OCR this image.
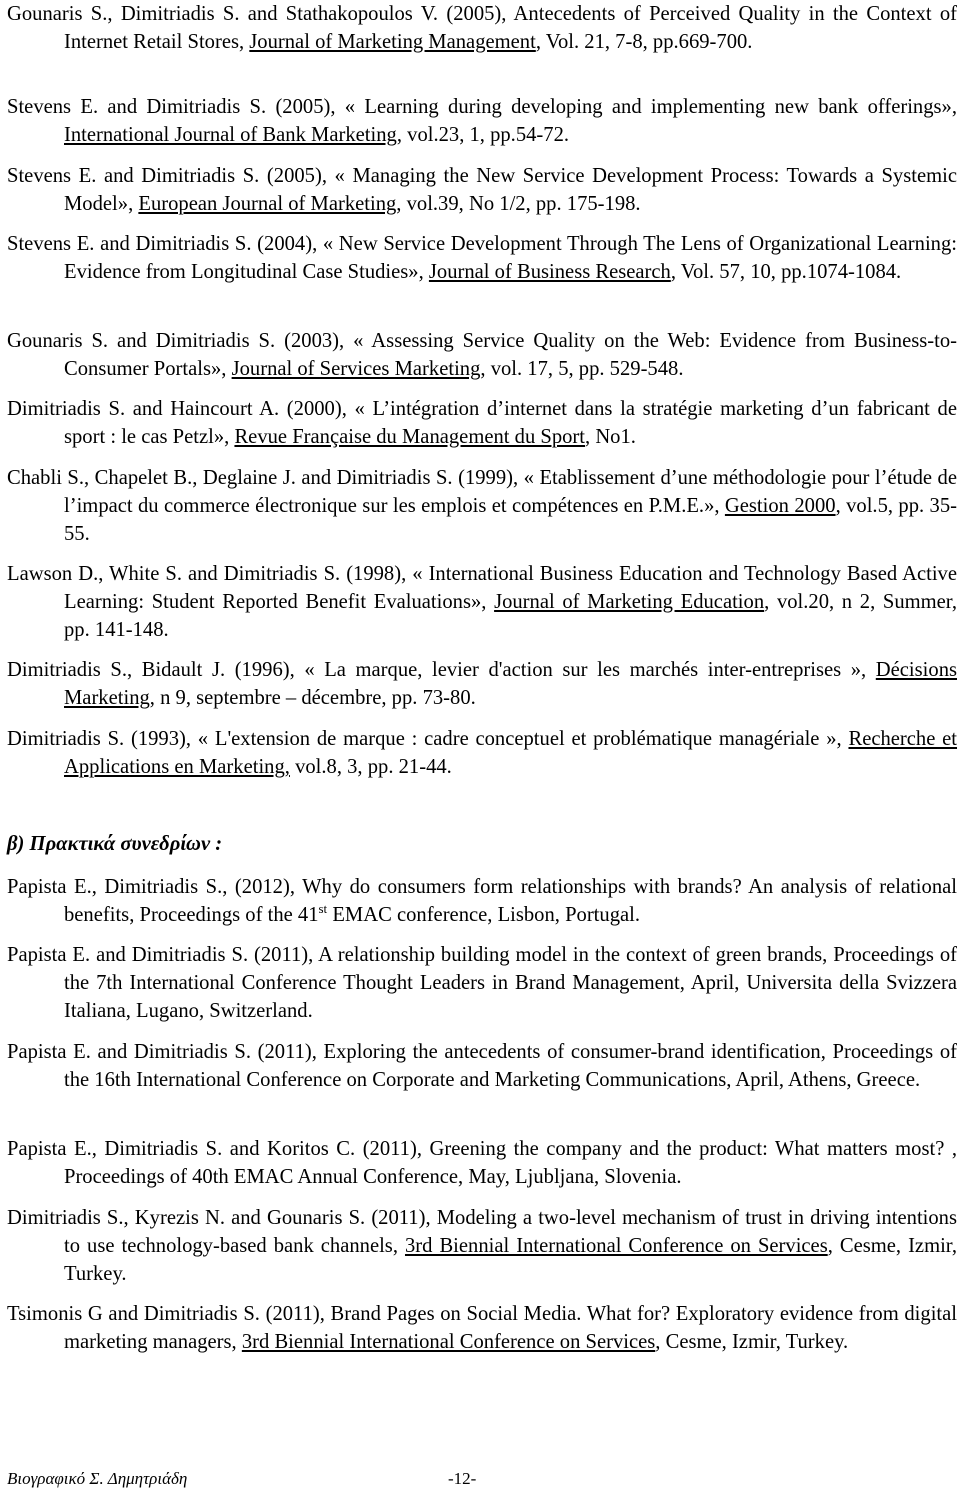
Gounaris S., Dimitriadis S. and Stathakopoulos V. (2005), Antecedents of Perceived Quality in the Context of Internet Retail Stores, Journal of Marketing Management, Vol. 21, 7-8, pp.669-700.
Stevens E. and Dimitriadis S. (2005), « Learning during developing and implementing new bank offerings», International Journal of Bank Marketing, vol.23, 1, pp.54-72.
Stevens E. and Dimitriadis S. (2005), « Managing the New Service Development Process: Towards a Systemic Model», European Journal of Marketing, vol.39, No 1/2, pp. 175-198.
Stevens E. and Dimitriadis S. (2004), « New Service Development Through The Lens of Organizational Learning: Evidence from Longitudinal Case Studies», Journal of Business Research, Vol. 57, 10, pp.1074-1084.
Gounaris S. and Dimitriadis S. (2003), « Assessing Service Quality on the Web: Evidence from Business-to-Consumer Portals», Journal of Services Marketing, vol. 17, 5, pp. 529-548.
Dimitriadis S. and Haincourt A. (2000), « L’intégration d’internet dans la stratégie marketing d’un fabricant de sport : le cas Petzl», Revue Française du Management du Sport, No1.
Chabli S., Chapelet B., Deglaine J. and Dimitriadis S. (1999), « Etablissement d’une méthodologie pour l’étude de l’impact du commerce électronique sur les emplois et compétences en P.M.E.», Gestion 2000, vol.5, pp. 35-55.
Lawson D., White S. and Dimitriadis S. (1998), « International Business Education and Technology Based Active Learning: Student Reported Benefit Evaluations», Journal of Marketing Education, vol.20, n 2, Summer, pp. 141-148.
Dimitriadis S., Bidault J. (1996), « La marque, levier d'action sur les marchés inter-entreprises », Décisions Marketing, n 9, septembre – décembre, pp. 73-80.
Dimitriadis S. (1993), « L'extension de marque : cadre conceptuel et problématique managériale », Recherche et Applications en Marketing, vol.8, 3, pp. 21-44.
β) Πρακτικά συνεδρίων :
Papista E., Dimitriadis S., (2012), Why do consumers form relationships with brands? An analysis of relational benefits, Proceedings of the 41st EMAC conference, Lisbon, Portugal.
Papista E. and Dimitriadis S. (2011), A relationship building model in the context of green brands, Proceedings of the 7th International Conference Thought Leaders in Brand Management, April, Universita della Svizzera Italiana, Lugano, Switzerland.
Papista E. and Dimitriadis S. (2011), Exploring the antecedents of consumer-brand identification, Proceedings of the 16th International Conference on Corporate and Marketing Communications, April, Athens, Greece.
Papista E., Dimitriadis S. and Koritos C. (2011), Greening the company and the product: What matters most? , Proceedings of 40th EMAC Annual Conference, May, Ljubljana, Slovenia.
Dimitriadis S., Kyrezis N. and Gounaris S. (2011), Modeling a two-level mechanism of trust in driving intentions to use technology-based bank channels, 3rd Biennial International Conference on Services, Cesme, Izmir, Turkey.
Tsimonis G and Dimitriadis S. (2011), Brand Pages on Social Media. What for? Exploratory evidence from digital marketing managers, 3rd Biennial International Conference on Services, Cesme, Izmir, Turkey.
Βιογραφικό Σ. Δημητριάδη	-12-
